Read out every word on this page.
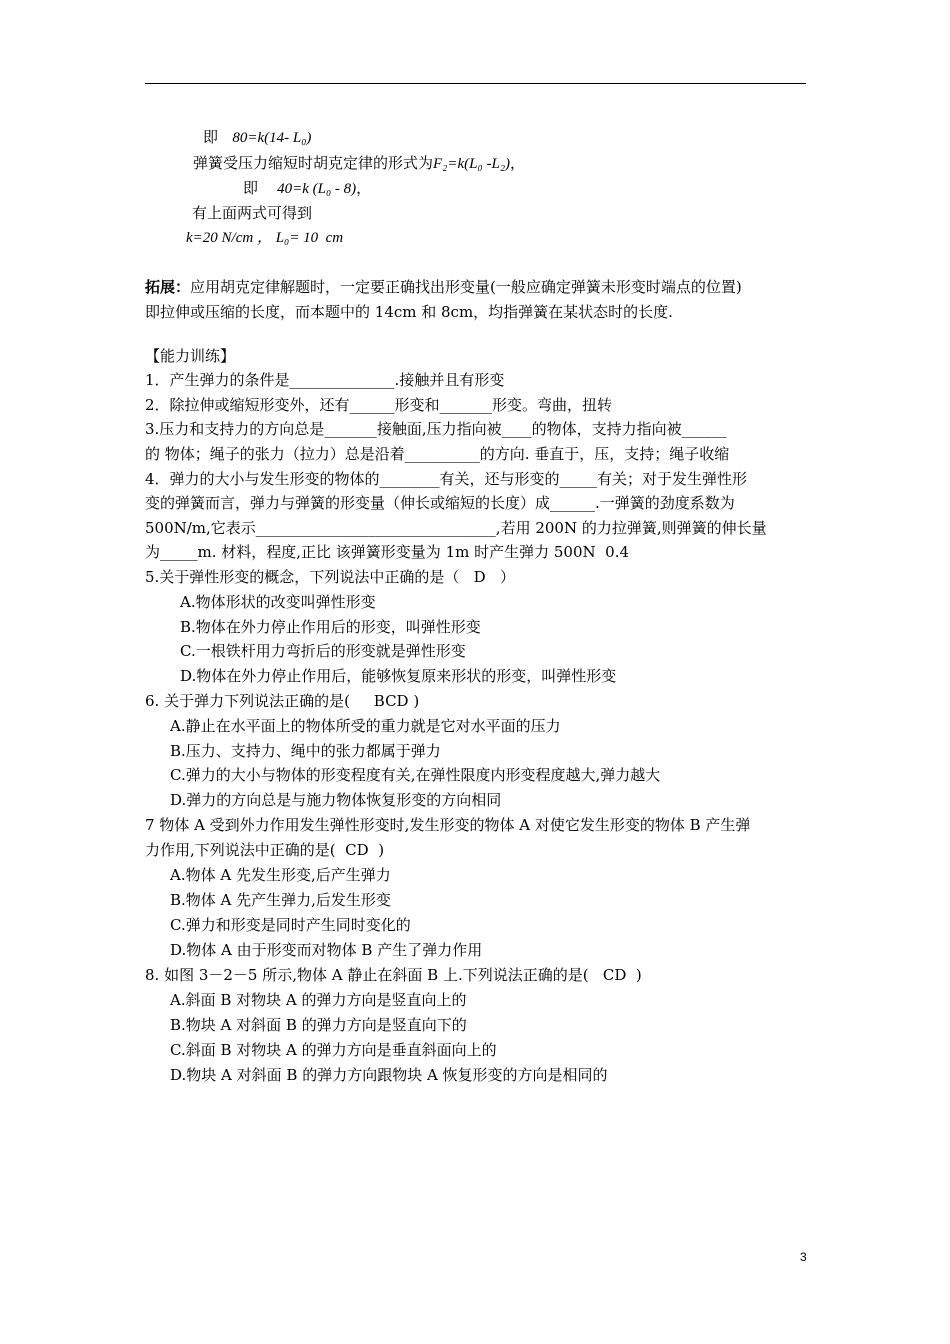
即 80=k(14- L₀)
弹簧受压力缩短时胡克定律的形式为F₂=k(L₀ -L₂)，
即 40=k (L₀ - 8)，
有上面两式可得到
k=20 N/cm ， L₀= 10  cm
拓展：应用胡克定律解题时，一定要正确找出形变量(一般应确定弹簧未形变时端点的位置)
即拉伸或压缩的长度，而本题中的 14cm 和 8cm，均指弹簧在某状态时的长度.
【能力训练】
1．产生弹力的条件是______________.接触并且有形变
2．除拉伸或缩短形变外，还有______形变和_______形变。弯曲，扭转
3.压力和支持力的方向总是_______接触面,压力指向被____的物体，支持力指向被______
的 物体；绳子的张力（拉力）总是沿着__________的方向. 垂直于，压，支持；绳子收缩
4．弹力的大小与发生形变的物体的________有关，还与形变的_____有关；对于发生弹性形
变的弹簧而言，弹力与弹簧的形变量（伸长或缩短的长度）成______.一弹簧的劲度系数为
500N/m,它表示________________________________,若用 200N 的力拉弹簧,则弹簧的伸长量
为_____m. 材料，程度,正比 该弹簧形变量为 1m 时产生弹力 500N  0.4
5.关于弹性形变的概念，下列说法中正确的是（   D   ）
A.物体形状的改变叫弹性形变
B.物体在外力停止作用后的形变，叫弹性形变
C.一根铁杆用力弯折后的形变就是弹性形变
D.物体在外力停止作用后，能够恢复原来形状的形变，叫弹性形变
6. 关于弹力下列说法正确的是(     BCD )
A.静止在水平面上的物体所受的重力就是它对水平面的压力
B.压力、支持力、绳中的张力都属于弹力
C.弹力的大小与物体的形变程度有关,在弹性限度内形变程度越大,弹力越大
D.弹力的方向总是与施力物体恢复形变的方向相同
7 物体 A 受到外力作用发生弹性形变时,发生形变的物体 A 对使它发生形变的物体 B 产生弹
力作用,下列说法中正确的是(  CD  )
A.物体 A 先发生形变,后产生弹力
B.物体 A 先产生弹力,后发生形变
C.弹力和形变是同时产生同时变化的
D.物体 A 由于形变而对物体 B 产生了弹力作用
8. 如图 3－2－5 所示,物体 A 静止在斜面 B 上.下列说法正确的是(   CD  )
A.斜面 B 对物块 A 的弹力方向是竖直向上的
B.物块 A 对斜面 B 的弹力方向是竖直向下的
C.斜面 B 对物块 A 的弹力方向是垂直斜面向上的
D.物块 A 对斜面 B 的弹力方向跟物块 A 恢复形变的方向是相同的
3
